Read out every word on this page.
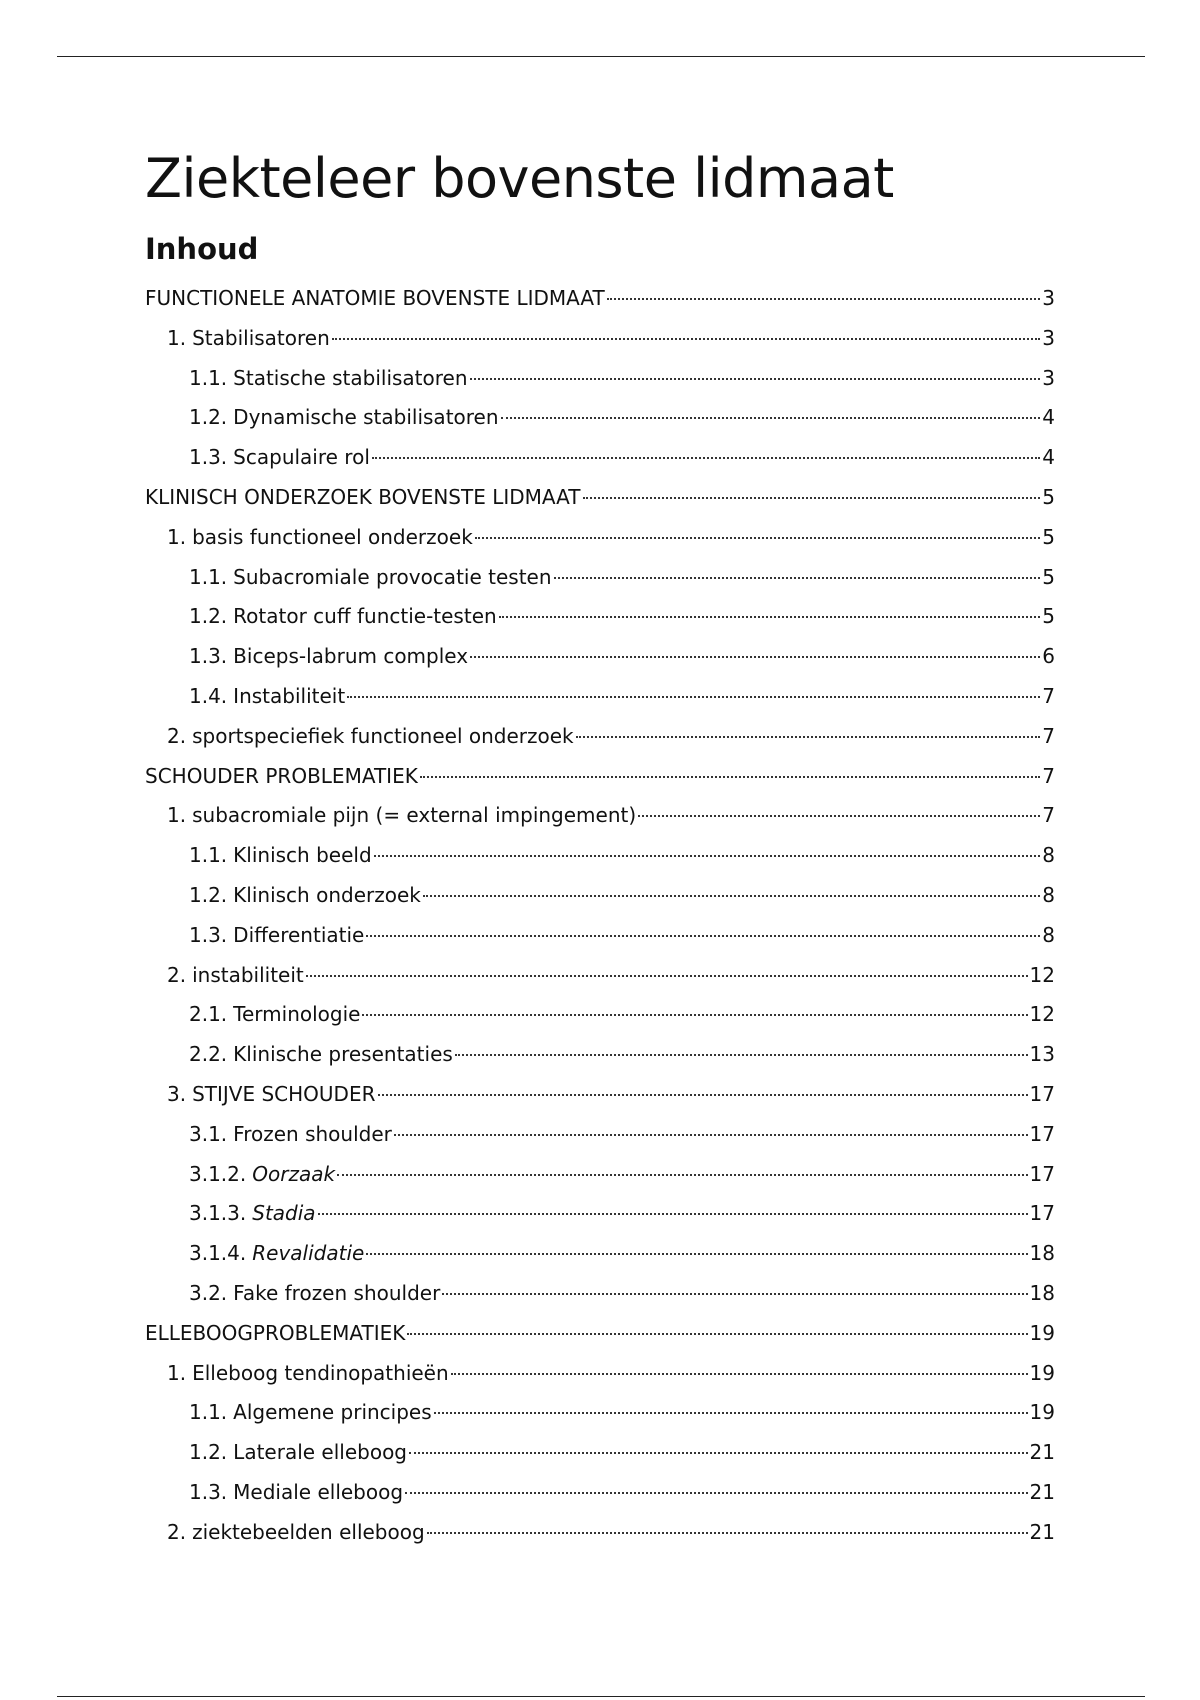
Ziekteleer bovenste lidmaat
Inhoud
FUNCTIONELE ANATOMIE BOVENSTE LIDMAAT	3
1. Stabilisatoren	3
1.1. Statische stabilisatoren	3
1.2. Dynamische stabilisatoren	4
1.3. Scapulaire rol	4
KLINISCH ONDERZOEK BOVENSTE LIDMAAT	5
1. basis functioneel onderzoek	5
1.1. Subacromiale provocatie testen	5
1.2. Rotator cuff functie-testen	5
1.3. Biceps-labrum complex	6
1.4. Instabiliteit	7
2. sportspeciefiek functioneel onderzoek	7
SCHOUDER PROBLEMATIEK	7
1. subacromiale pijn (= external impingement)	7
1.1. Klinisch beeld	8
1.2. Klinisch onderzoek	8
1.3. Differentiatie	8
2. instabiliteit	12
2.1. Terminologie	12
2.2. Klinische presentaties	13
3. STIJVE SCHOUDER	17
3.1. Frozen shoulder	17
3.1.2. Oorzaak	17
3.1.3. Stadia	17
3.1.4. Revalidatie	18
3.2. Fake frozen shoulder	18
ELLEBOOGPROBLEMATIEK	19
1. Elleboog tendinopathieën	19
1.1. Algemene principes	19
1.2. Laterale elleboog	21
1.3. Mediale elleboog	21
2. ziektebeelden elleboog	21
